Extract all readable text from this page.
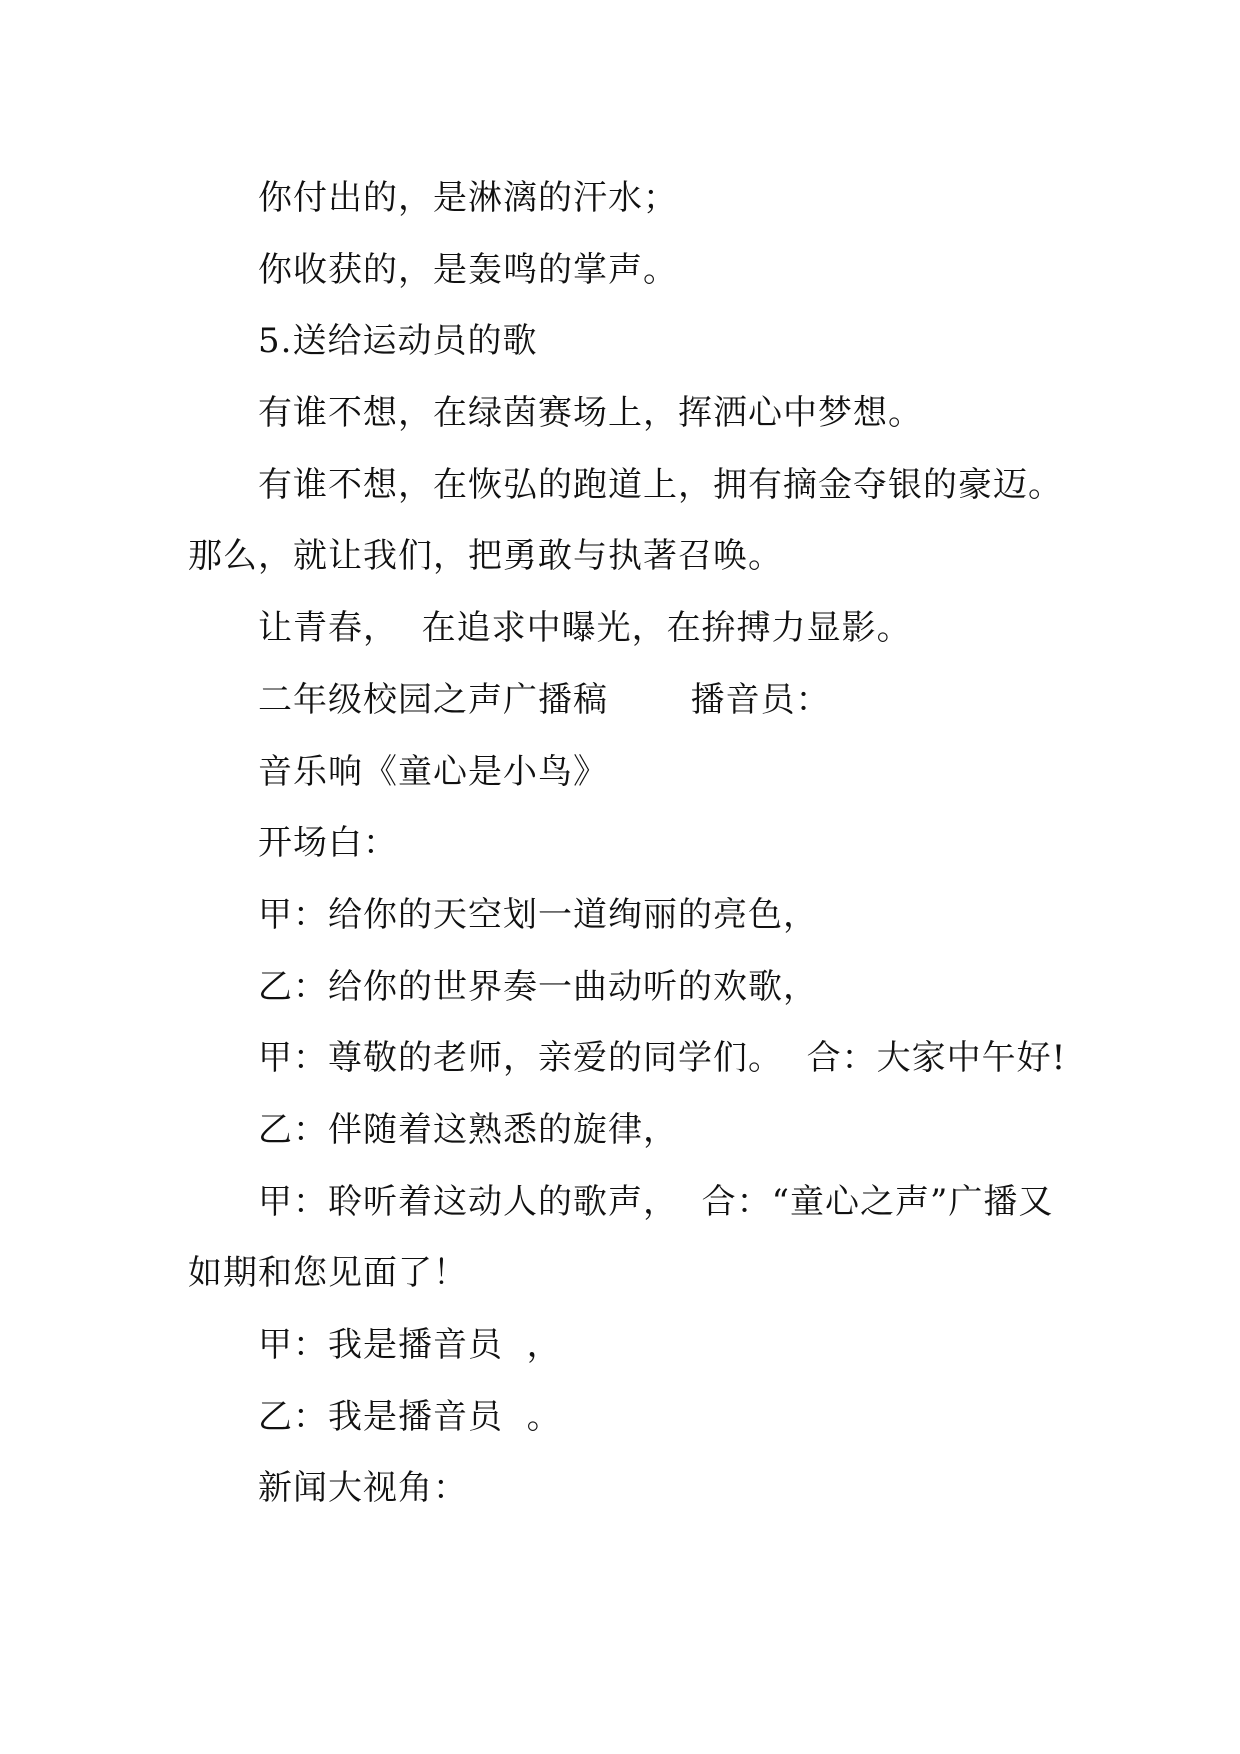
你付出的，是淋漓的汗水；
你收获的，是轰鸣的掌声。
5.送给运动员的歌
有谁不想，在绿茵赛场上，挥洒心中梦想。
有谁不想，在恢弘的跑道上，拥有摘金夺银的豪迈。
那么，就让我们，把勇敢与执著召唤。
让青春，  在追求中曝光，在拚搏力显影。
二年级校园之声广播稿       播音员：
音乐响《童心是小鸟》
开场白：
甲：给你的天空划一道绚丽的亮色，
乙：给你的世界奏一曲动听的欢歌，
甲：尊敬的老师，亲爱的同学们。  合：大家中午好!
乙：伴随着这熟悉的旋律，
甲：聆听着这动人的歌声，  合：“童心之声”广播又
如期和您见面了！
甲：我是播音员  ，
乙：我是播音员  。
新闻大视角：
